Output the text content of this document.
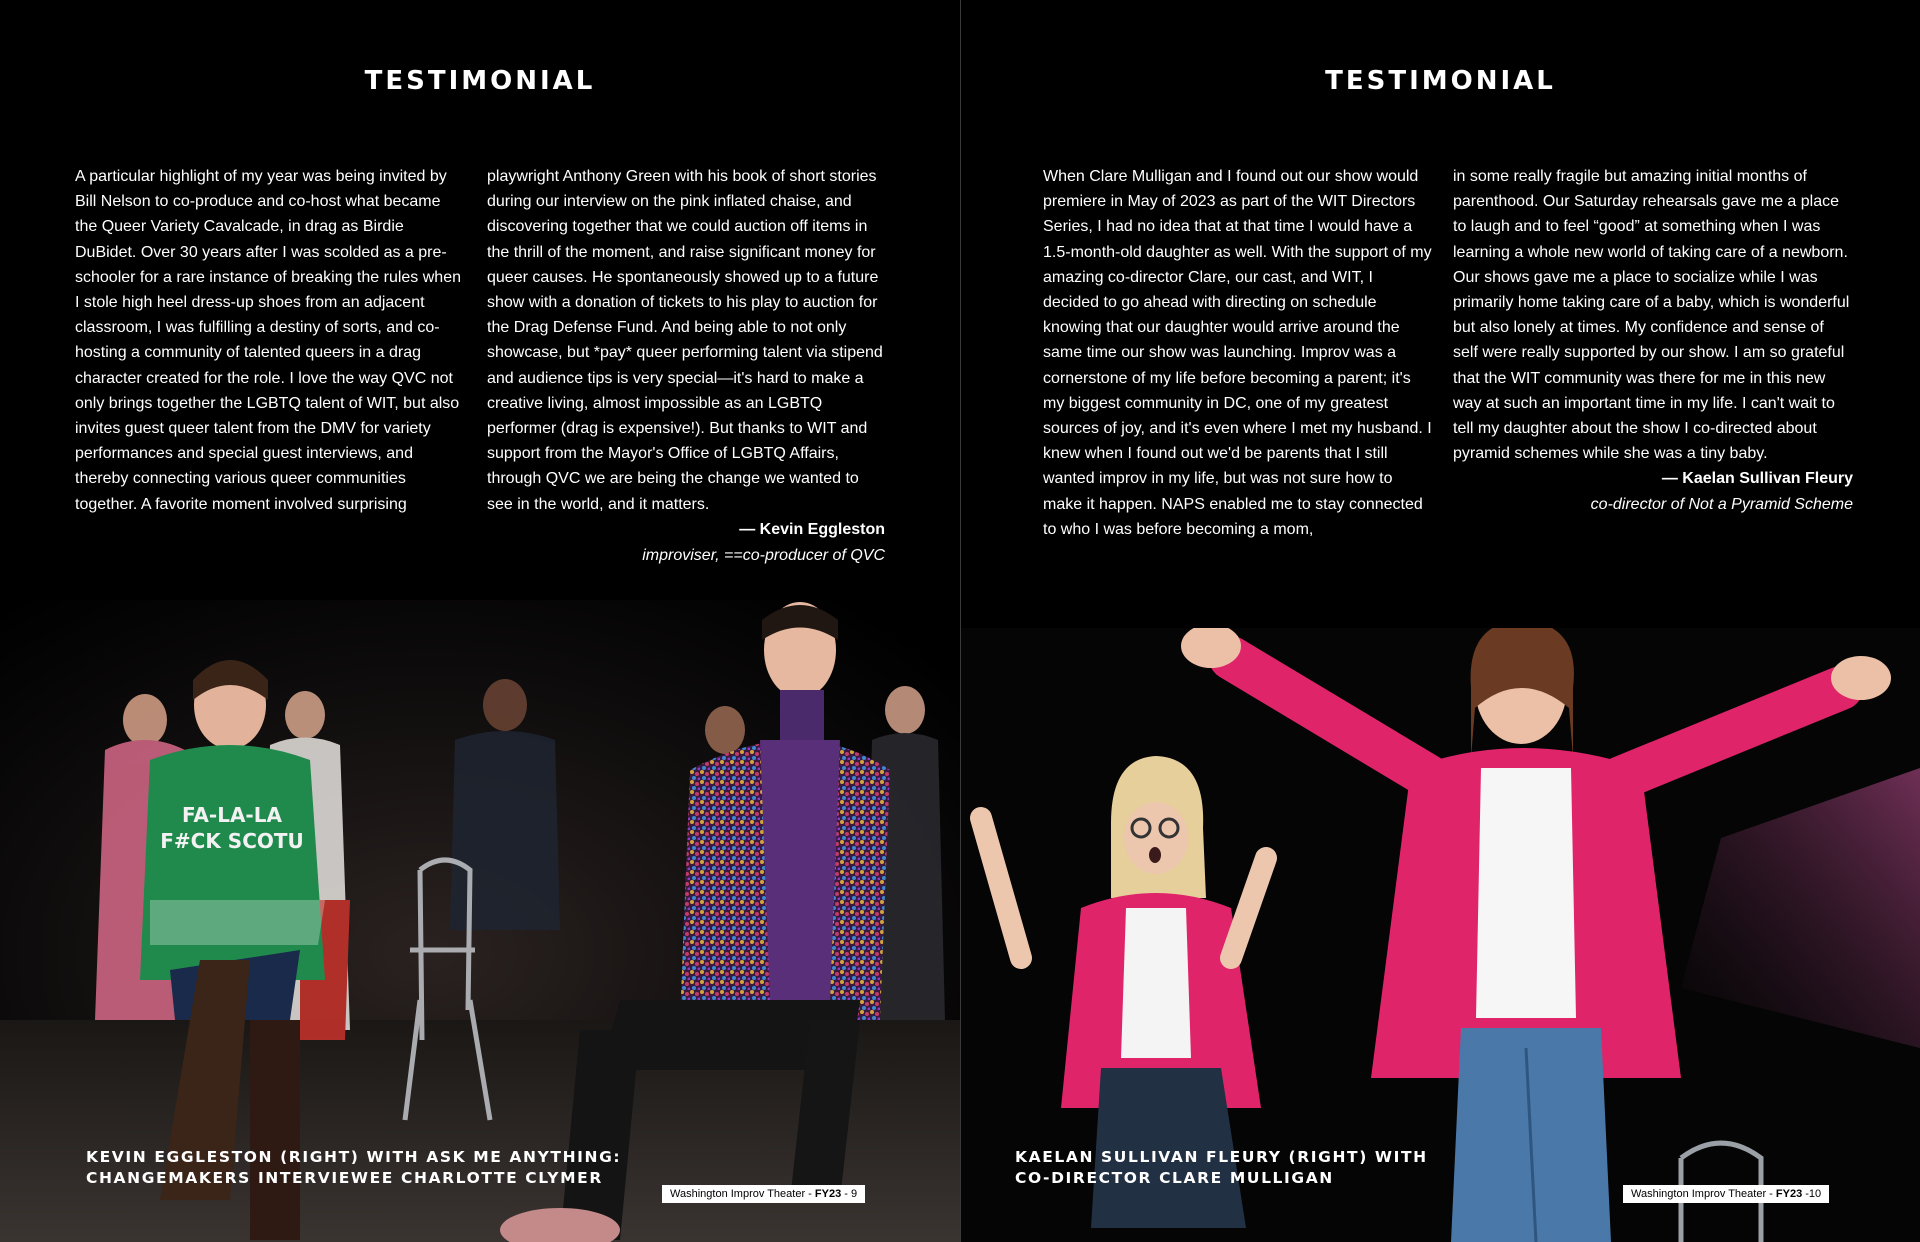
TESTIMONIAL

A particular highlight of my year was being invited by Bill Nelson to co-produce and co-host what became the Queer Variety Cavalcade, in drag as Birdie DuBidet. Over 30 years after I was scolded as a pre-schooler for a rare instance of breaking the rules when I stole high heel dress-up shoes from an adjacent classroom, I was fulfilling a destiny of sorts, and co-hosting a community of talented queers in a drag character created for the role. I love the way QVC not only brings together the LGBTQ talent of WIT, but also invites guest queer talent from the DMV for variety performances and special guest interviews, and thereby connecting various queer communities together. A favorite moment involved surprising

playwright Anthony Green with his book of short stories during our interview on the pink inflated chaise, and discovering together that we could auction off items in the thrill of the moment, and raise significant money for queer causes. He spontaneously showed up to a future show with a donation of tickets to his play to auction for the Drag Defense Fund. And being able to not only showcase, but *pay* queer performing talent via stipend and audience tips is very special—it's hard to make a creative living, almost impossible as an LGBTQ performer (drag is expensive!). But thanks to WIT and support from the Mayor's Office of LGBTQ Affairs, through QVC we are being the change we wanted to see in the world, and it matters.

— Kevin Eggleston
improviser, ==co-producer of QVC
FA-LA-LA
F#CK SCOTU
KEVIN EGGLESTON (RIGHT) WITH ASK ME ANYTHING:
CHANGEMAKERS INTERVIEWEE CHARLOTTE CLYMER
Washington Improv Theater - FY23 - 9
TESTIMONIAL

When Clare Mulligan and I found out our show would premiere in May of 2023 as part of the WIT Directors Series, I had no idea that at that time I would have a 1.5-month-old daughter as well. With the support of my amazing co-director Clare, our cast, and WIT, I decided to go ahead with directing on schedule knowing that our daughter would arrive around the same time our show was launching. Improv was a cornerstone of my life before becoming a parent; it's my biggest community in DC, one of my greatest sources of joy, and it's even where I met my husband. I knew when I found out we'd be parents that I still wanted improv in my life, but was not sure how to make it happen. NAPS enabled me to stay connected to who I was before becoming a mom,

in some really fragile but amazing initial months of parenthood. Our Saturday rehearsals gave me a place to laugh and to feel “good” at something when I was learning a whole new world of taking care of a newborn. Our shows gave me a place to socialize while I was primarily home taking care of a baby, which is wonderful but also lonely at times. My confidence and sense of self were really supported by our show. I am so grateful that the WIT community was there for me in this new way at such an important time in my life. I can't wait to tell my daughter about the show I co-directed about pyramid schemes while she was a tiny baby.

— Kaelan Sullivan Fleury
co-director of Not a Pyramid Scheme
KAELAN SULLIVAN FLEURY (RIGHT) WITH
CO-DIRECTOR CLARE MULLIGAN
Washington Improv Theater - FY23 -10
